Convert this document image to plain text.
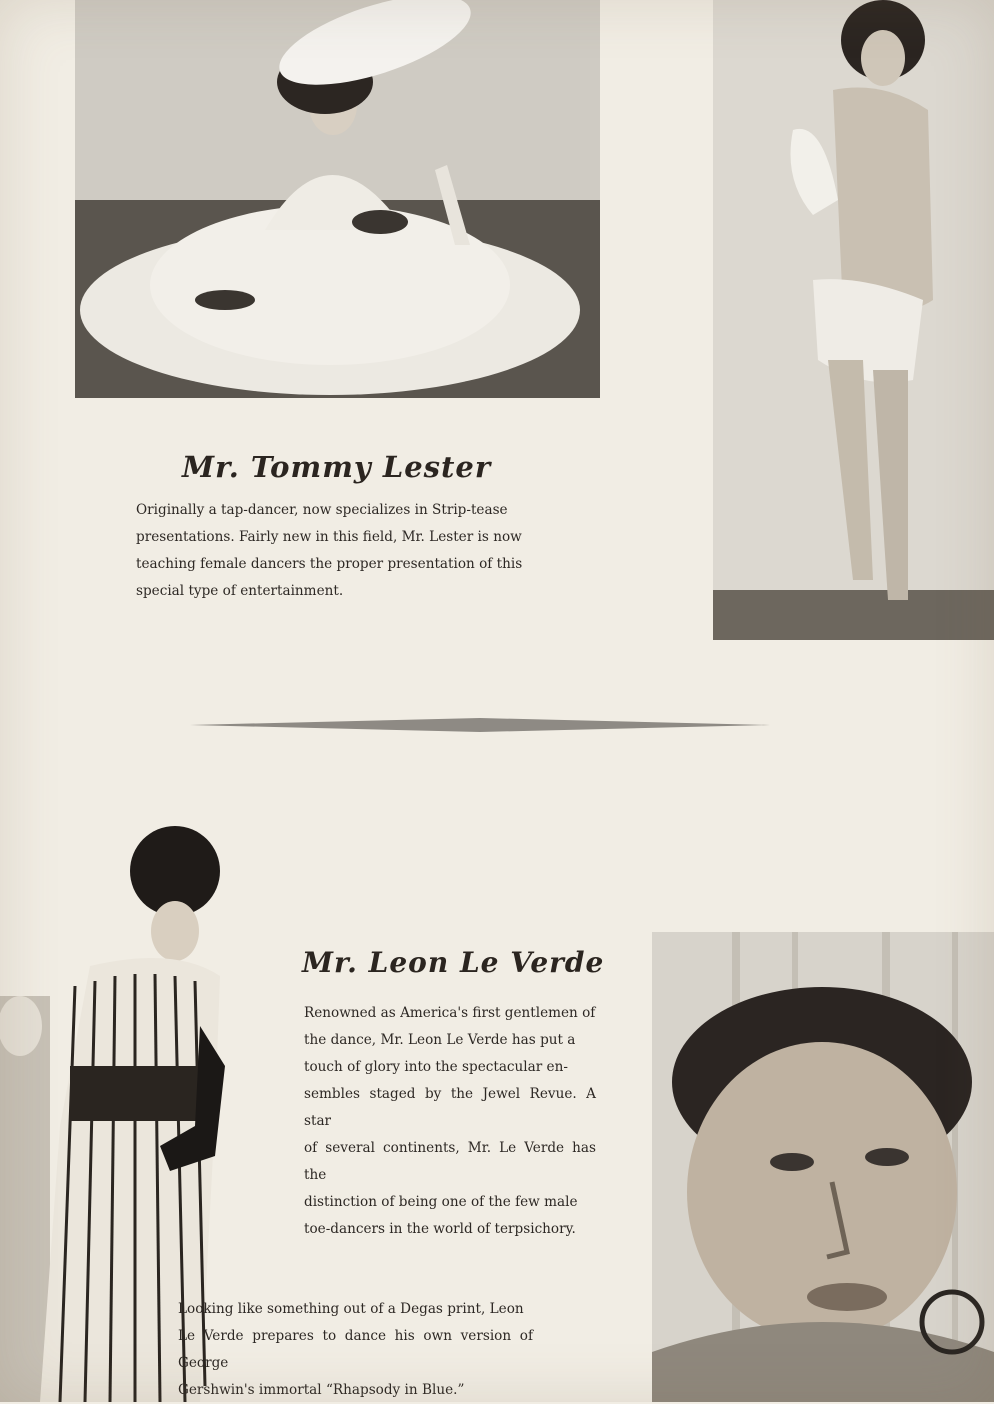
Mr. Tommy Lester

Originally a tap-dancer, now specializes in Strip-tease
presentations. Fairly new in this field, Mr. Lester is now
teaching female dancers the proper presentation of this
special type of entertainment.

Mr. Leon Le Verde

Renowned as America's first gentlemen of
the dance, Mr. Leon Le Verde has put a
touch of glory into the spectacular en-
sembles staged by the Jewel Revue. A star
of several continents, Mr. Le Verde has the
distinction of being one of the few male
toe-dancers in the world of terpsichory.

Looking like something out of a Degas print, Leon
Le Verde prepares to dance his own version of George
Gershwin's immortal “Rhapsody in Blue.”
